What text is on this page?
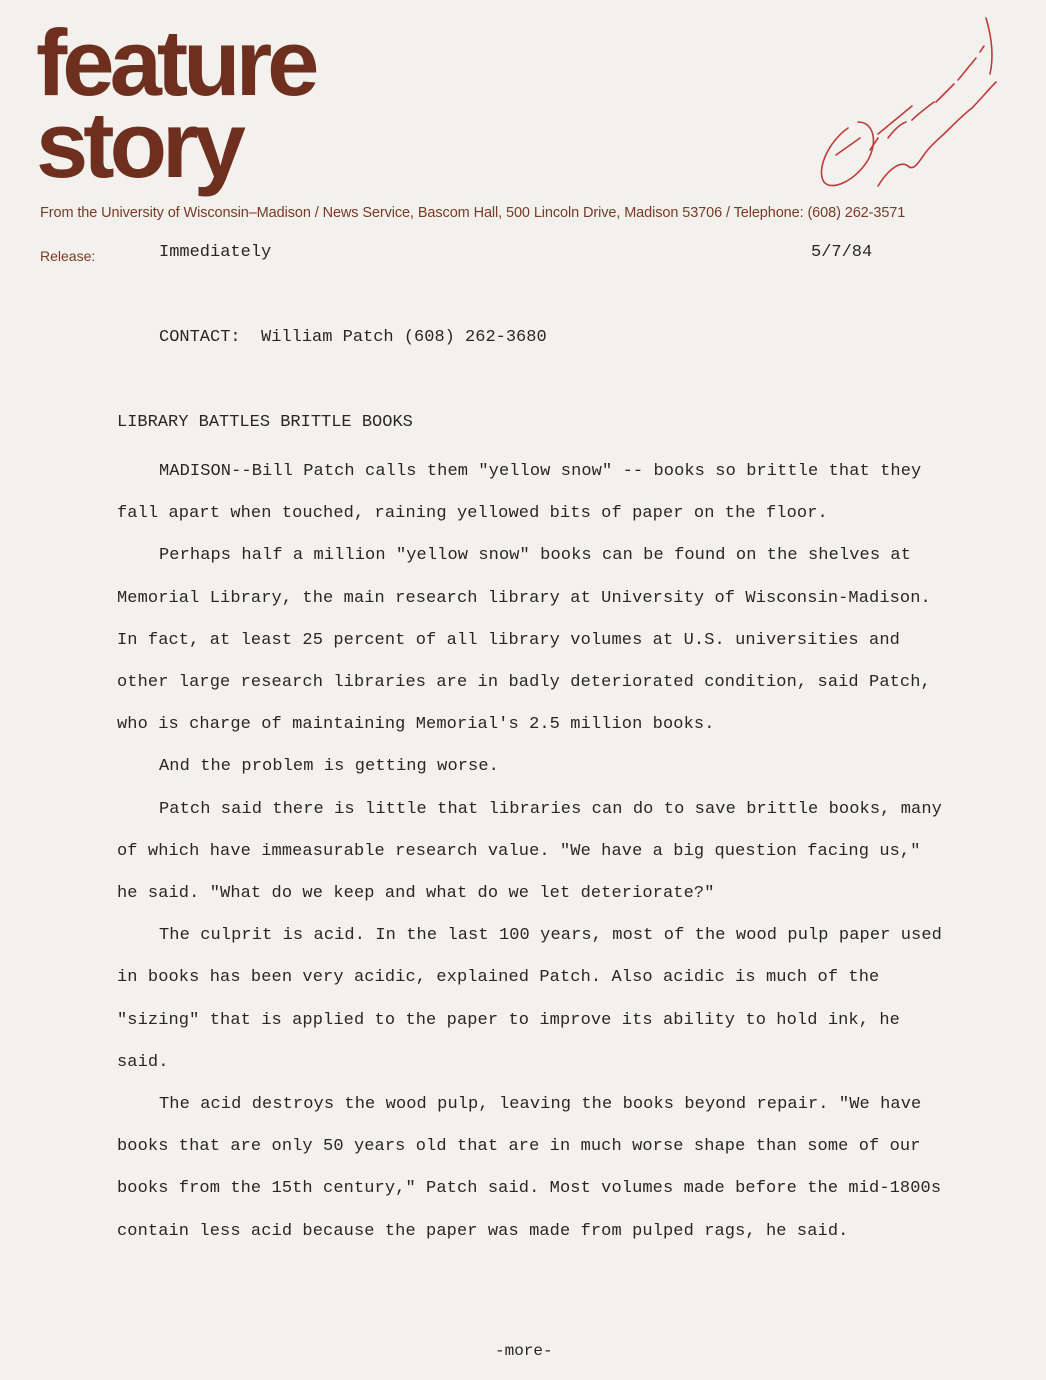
feature
story
From the University of Wisconsin–Madison / News Service, Bascom Hall, 500 Lincoln Drive, Madison 53706 / Telephone: (608) 262-3571
Release:	Immediately	5/7/84
CONTACT:  William Patch (608) 262-3680
LIBRARY BATTLES BRITTLE BOOKS

MADISON--Bill Patch calls them "yellow snow" -- books so brittle that they fall apart when touched, raining yellowed bits of paper on the floor.

Perhaps half a million "yellow snow" books can be found on the shelves at Memorial Library, the main research library at University of Wisconsin-Madison. In fact, at least 25 percent of all library volumes at U.S. universities and other large research libraries are in badly deteriorated condition, said Patch, who is charge of maintaining Memorial's 2.5 million books.

And the problem is getting worse.

Patch said there is little that libraries can do to save brittle books, many of which have immeasurable research value. "We have a big question facing us," he said. "What do we keep and what do we let deteriorate?"

The culprit is acid. In the last 100 years, most of the wood pulp paper used in books has been very acidic, explained Patch. Also acidic is much of the "sizing" that is applied to the paper to improve its ability to hold ink, he said.

The acid destroys the wood pulp, leaving the books beyond repair. "We have books that are only 50 years old that are in much worse shape than some of our books from the 15th century," Patch said. Most volumes made before the mid-1800s contain less acid because the paper was made from pulped rags, he said.

-more-
